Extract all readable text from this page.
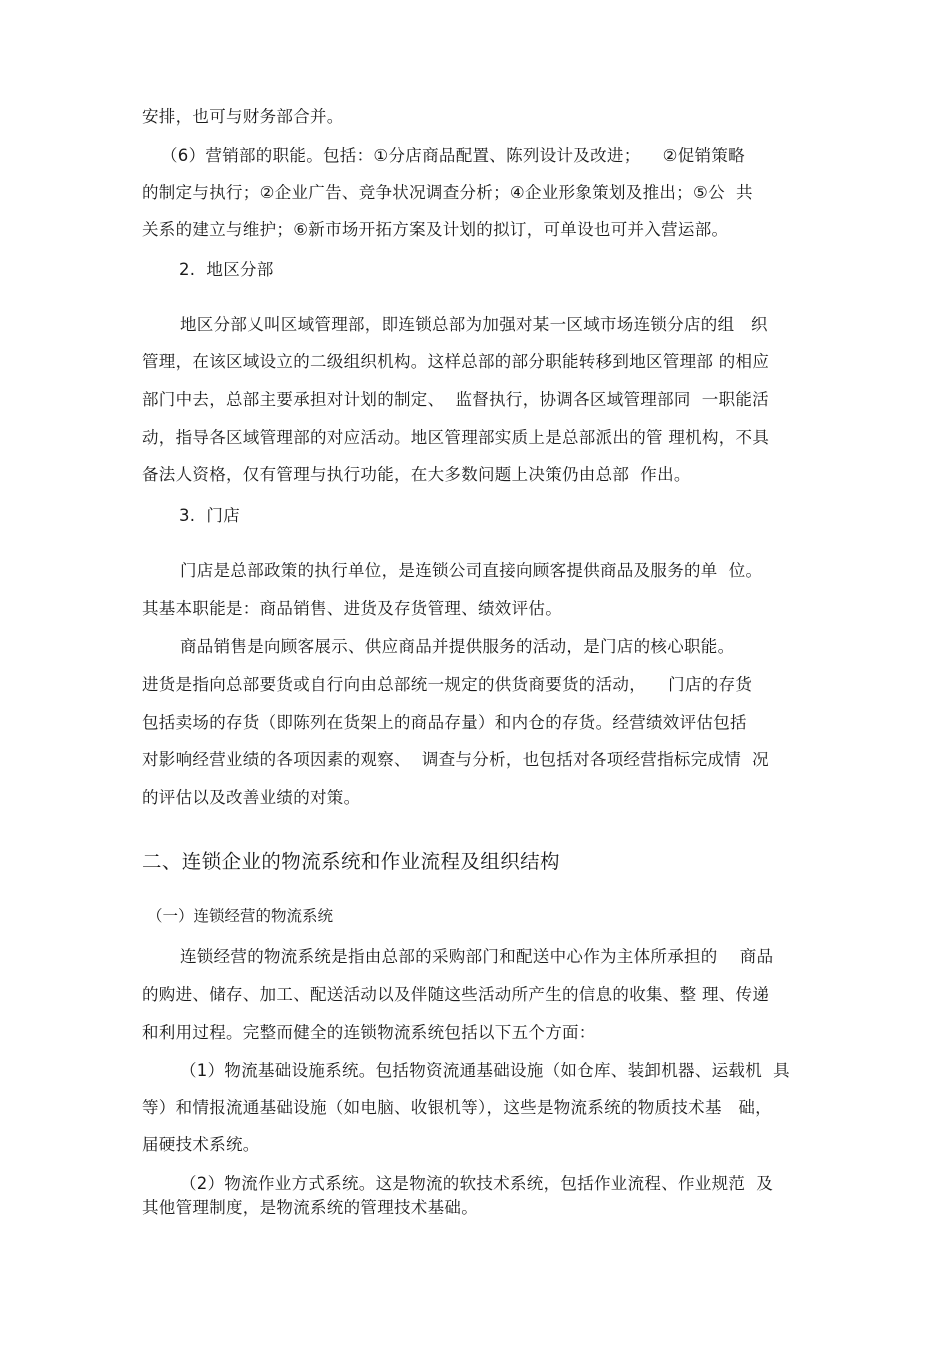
安排，也可与财务部合并。
（6）营销部的职能。包括：①分店商品配置、陈列设计及改进；    ②促销策略
的制定与执行；②企业广告、竞争状况调查分析；④企业形象策划及推出；⑤公  共
关系的建立与维护；⑥新市场开拓方案及计划的拟订，可单设也可并入营运部。
2.  地区分部
地区分部乂叫区域管理部，即连锁总部为加强对某一区域市场连锁分店的组   织
管理，在该区域设立的二级组织机构。这样总部的部分职能转移到地区管理部 的相应
部门中去，总部主要承担对计划的制定、  监督执行，协调各区域管理部同  一职能活
动，指导各区域管理部的对应活动。地区管理部实质上是总部派出的管 理机构，不具
备法人资格，仅有管理与执行功能，在大多数问题上决策仍由总部  作出。
3.  门店
门店是总部政策的执行单位，是连锁公司直接向顾客提供商品及服务的单  位。
其基本职能是：商品销售、进货及存货管理、绩效评估。
商品销售是向顾客展示、供应商品并提供服务的活动，是门店的核心职能。
进货是指向总部要货或自行向由总部统一规定的供货商要货的活动，    门店的存货
包括卖场的存货（即陈列在货架上的商品存量）和内仓的存货。经营绩效评估包括
对影响经营业绩的各项因素的观察、  调查与分析，也包括对各项经营指标完成情  况
的评估以及改善业绩的对策。
二、连锁企业的物流系统和作业流程及组织结构
（一）连锁经营的物流系统
连锁经营的物流系统是指由总部的采购部门和配送中心作为主体所承担的    商品
的购进、储存、加工、配送活动以及伴随这些活动所产生的信息的收集、整 理、传递
和利用过程。完整而健全的连锁物流系统包括以下五个方面：
（1）物流基础设施系统。包括物资流通基础设施（如仓库、装卸机器、运载机  具
等）和情报流通基础设施（如电脑、收银机等），这些是物流系统的物质技术基   础，
届硬技术系统。
（2）物流作业方式系统。这是物流的软技术系统，包括作业流程、作业规范  及
其他管理制度，是物流系统的管理技术基础。
